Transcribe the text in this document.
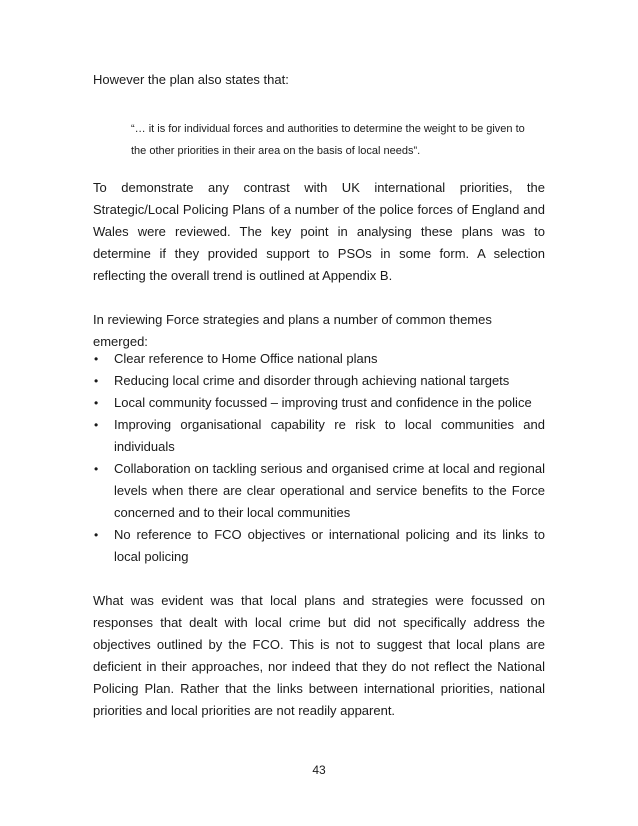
However the plan also states that:

“… it is for individual forces and authorities to determine the weight to be given to

the other priorities in their area on the basis of local needs”.

To demonstrate any contrast with UK international priorities, the Strategic/Local Policing Plans of a number of the police forces of England and Wales were reviewed. The key point in analysing these plans was to determine if they provided support to PSOs in some form. A selection reflecting the overall trend is outlined at Appendix B.

In reviewing Force strategies and plans a number of common themes emerged:

• Clear reference to Home Office national plans
• Reducing local crime and disorder through achieving national targets
• Local community focussed – improving trust and confidence in the police
• Improving organisational capability re risk to local communities and individuals
• Collaboration on tackling serious and organised crime at local and regional levels when there are clear operational and service benefits to the Force concerned and to their local communities
• No reference to FCO objectives or international policing and its links to local policing

What was evident was that local plans and strategies were focussed on responses that dealt with local crime but did not specifically address the objectives outlined by the FCO. This is not to suggest that local plans are deficient in their approaches, nor indeed that they do not reflect the National Policing Plan. Rather that the links between international priorities, national priorities and local priorities are not readily apparent.

43
